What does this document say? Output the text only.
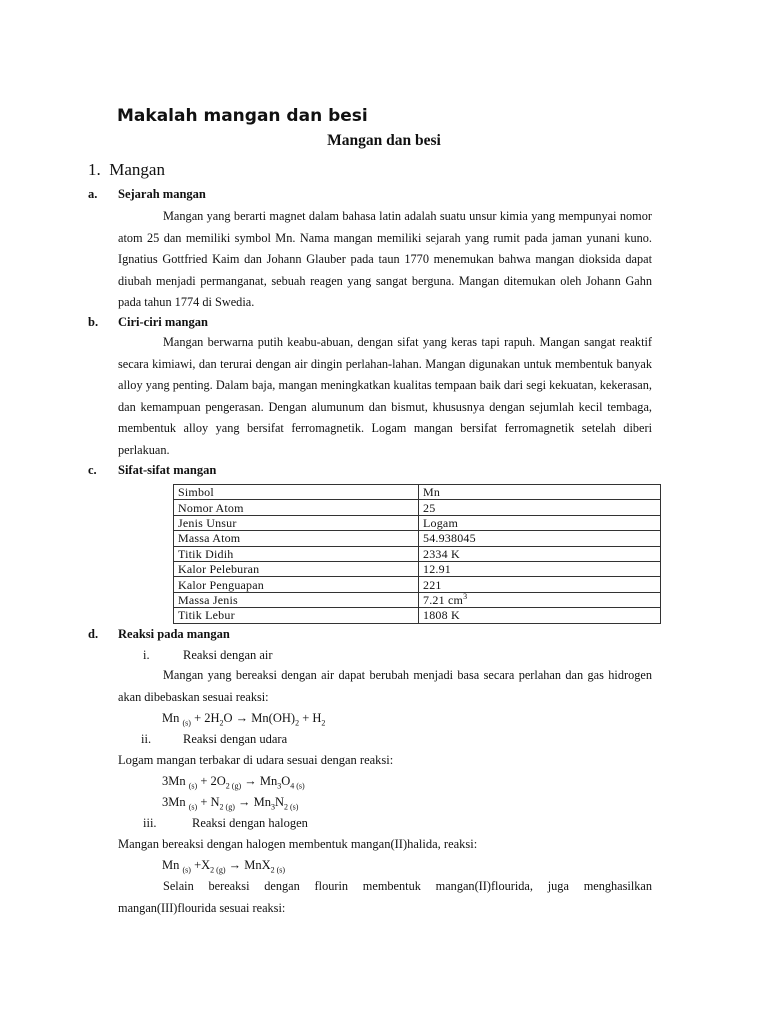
Makalah mangan dan besi

Mangan dan besi

1. Mangan

a. Sejarah mangan

Mangan yang berarti magnet dalam bahasa latin adalah suatu unsur kimia yang mempunyai nomor atom 25 dan memiliki symbol Mn. Nama mangan memiliki sejarah yang rumit pada jaman yunani kuno. Ignatius Gottfried Kaim dan Johann Glauber pada taun 1770 menemukan bahwa mangan dioksida dapat diubah menjadi permanganat, sebuah reagen yang sangat berguna. Mangan ditemukan oleh Johann Gahn pada tahun 1774 di Swedia.

b. Ciri-ciri mangan

Mangan berwarna putih keabu-abuan, dengan sifat yang keras tapi rapuh. Mangan sangat reaktif secara kimiawi, dan terurai dengan air dingin perlahan-lahan. Mangan digunakan untuk membentuk banyak alloy yang penting. Dalam baja, mangan meningkatkan kualitas tempaan baik dari segi kekuatan, kekerasan, dan kemampuan pengerasan. Dengan alumunum dan bismut, khususnya dengan sejumlah kecil tembaga, membentuk alloy yang bersifat ferromagnetik. Logam mangan bersifat ferromagnetik setelah diberi perlakuan.

c. Sifat-sifat mangan

Simbol	Mn
Nomor Atom	25
Jenis Unsur	Logam
Massa Atom	54.938045
Titik Didih	2334 K
Kalor Peleburan	12.91
Kalor Penguapan	221
Massa Jenis	7.21 $cm^3$
Titik Lebur	1808 K

d. Reaksi pada mangan

i.	Reaksi dengan air

Mangan yang bereaksi dengan air dapat berubah menjadi basa secara perlahan dan gas hidrogen akan dibebaskan sesuai reaksi:

Mn $_{(s)} + 2H_2O \to Mn(OH)_2 + H_2$

ii.	Reaksi dengan udara

Logam mangan terbakar di udara sesuai dengan reaksi:

3Mn $_{(s)} + 2O_{2 (g)} \to Mn_3O_{4 (s)}$

3Mn $_{(s)} + N_{2 (g)} \to Mn_3N_{2 (s)}$

iii.	Reaksi dengan halogen

Mangan bereaksi dengan halogen membentuk mangan(II)halida, reaksi:

Mn $_{(s)} +X_{2 (g)} \to MnX_{2 (s)}$

Selain bereaksi dengan flourin membentuk mangan(II)flourida, juga menghasilkan mangan(III)flourida sesuai reaksi:
